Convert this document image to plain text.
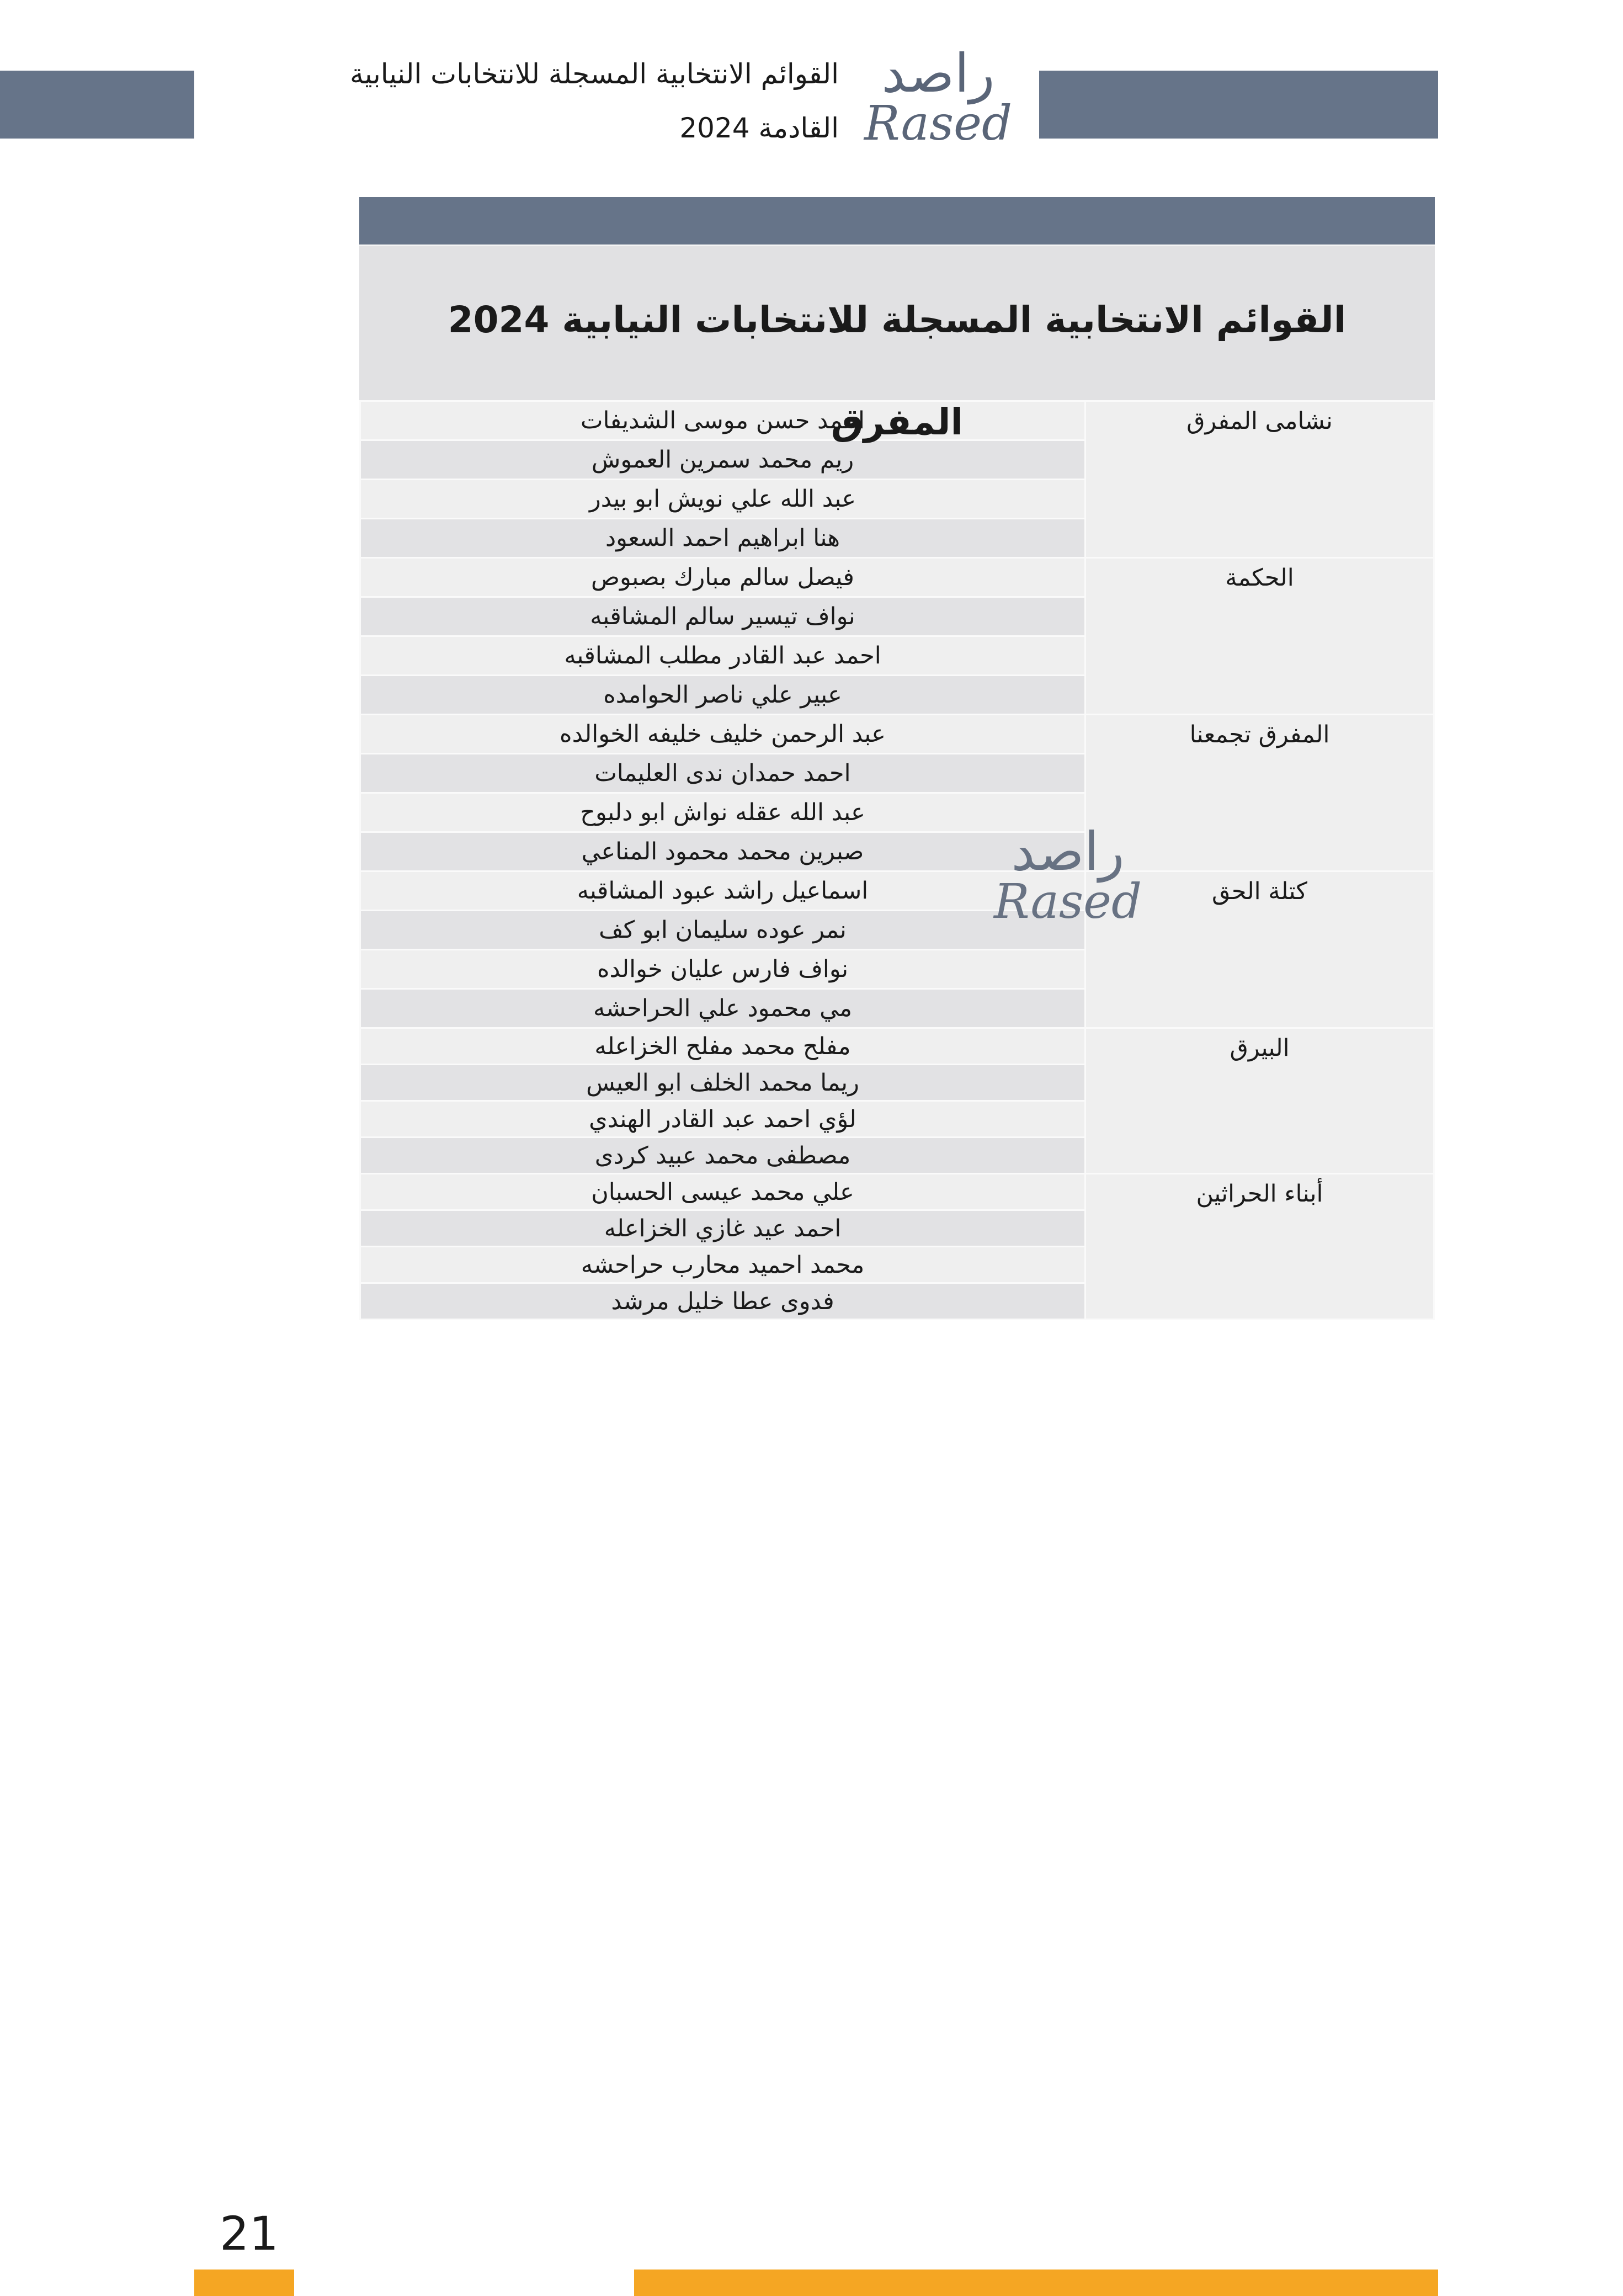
القوائم الانتخابية المسجلة للانتخابات النيابية
القادمة 2024
راصد
Rased
القوائم الانتخابية المسجلة للانتخابات النيابية 2024
المفرق	نشامى المفرق	احمد حسن موسى الشديفات
	ريم محمد سمرين العموش
	عبد الله علي نويش ابو بيدر
	هنا ابراهيم احمد السعود
الحكمة	فيصل سالم مبارك بصبوص
	نواف تيسير سالم المشاقبه
	احمد عبد القادر مطلب المشاقبه
	عبير علي ناصر الحوامده
المفرق تجمعنا	عبد الرحمن خليف خليفه الخوالده
	احمد حمدان ندى العليمات
	عبد الله عقله نواش ابو دلبوح
	صبرين محمد محمود المناعي
كتلة الحق	اسماعيل راشد عبود المشاقبه
	نمر عوده سليمان ابو كف
	نواف فارس عليان خوالده
	مي محمود علي الحراحشه
البيرق	مفلح محمد مفلح الخزاعله
	ريما محمد الخلف ابو العيس
	لؤي احمد عبد القادر الهندي
	مصطفى محمد عبيد كردى
أبناء الحراثين	علي محمد عيسى الحسبان
	احمد عيد غازي الخزاعله
	محمد احميد محارب حراحشه
	فدوى عطا خليل مرشد
راصد
Rased
21
